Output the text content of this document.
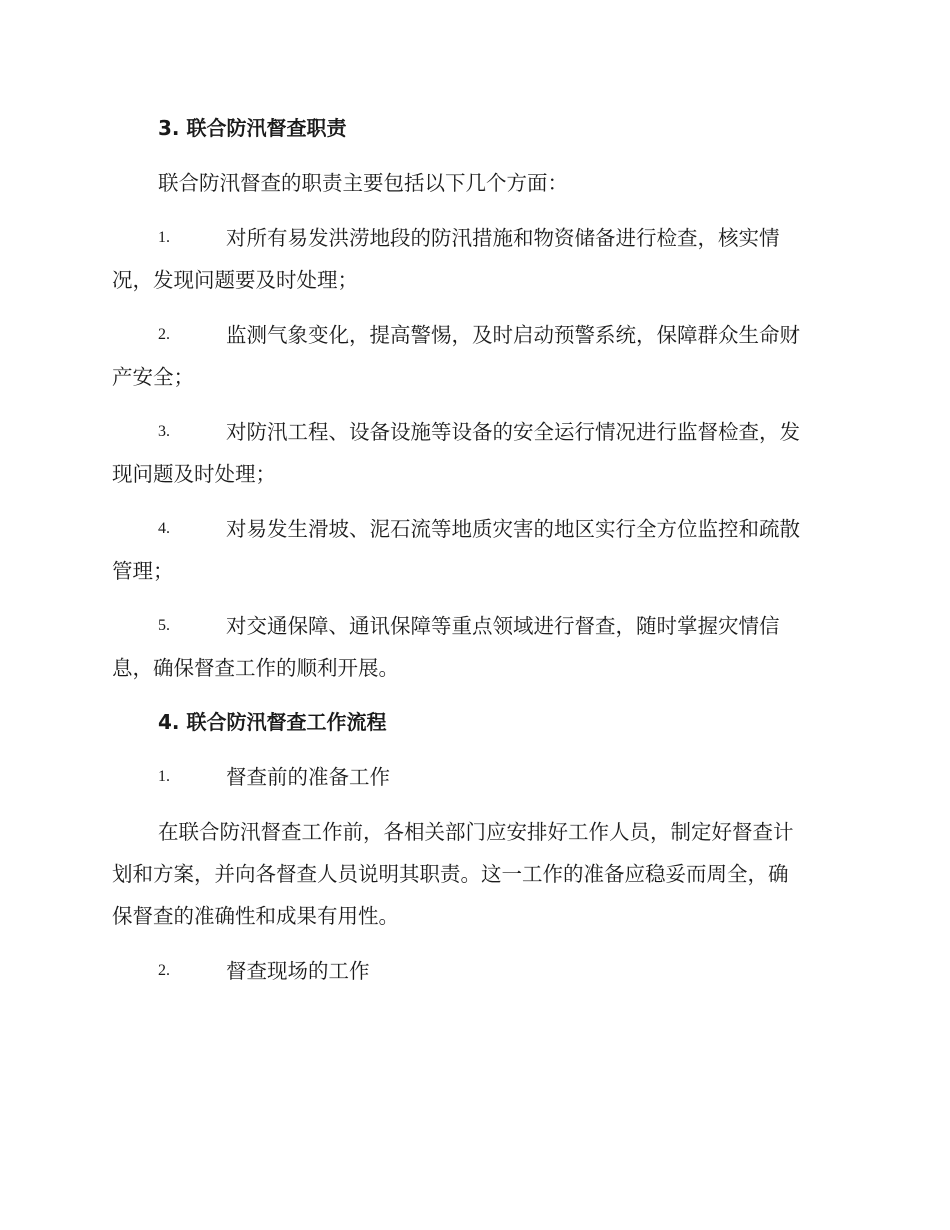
3. 联合防汛督查职责
联合防汛督查的职责主要包括以下几个方面：
1.	对所有易发洪涝地段的防汛措施和物资储备进行检查，核实情
况，发现问题要及时处理；
2.	监测气象变化，提高警惕，及时启动预警系统，保障群众生命财
产安全；
3.	对防汛工程、设备设施等设备的安全运行情况进行监督检查，发
现问题及时处理；
4.	对易发生滑坡、泥石流等地质灾害的地区实行全方位监控和疏散
管理；
5.	对交通保障、通讯保障等重点领域进行督查，随时掌握灾情信
息，确保督查工作的顺利开展。
4. 联合防汛督查工作流程
1.	督查前的准备工作
在联合防汛督查工作前，各相关部门应安排好工作人员，制定好督查计
划和方案，并向各督查人员说明其职责。这一工作的准备应稳妥而周全，确
保督查的准确性和成果有用性。
2.	督查现场的工作
